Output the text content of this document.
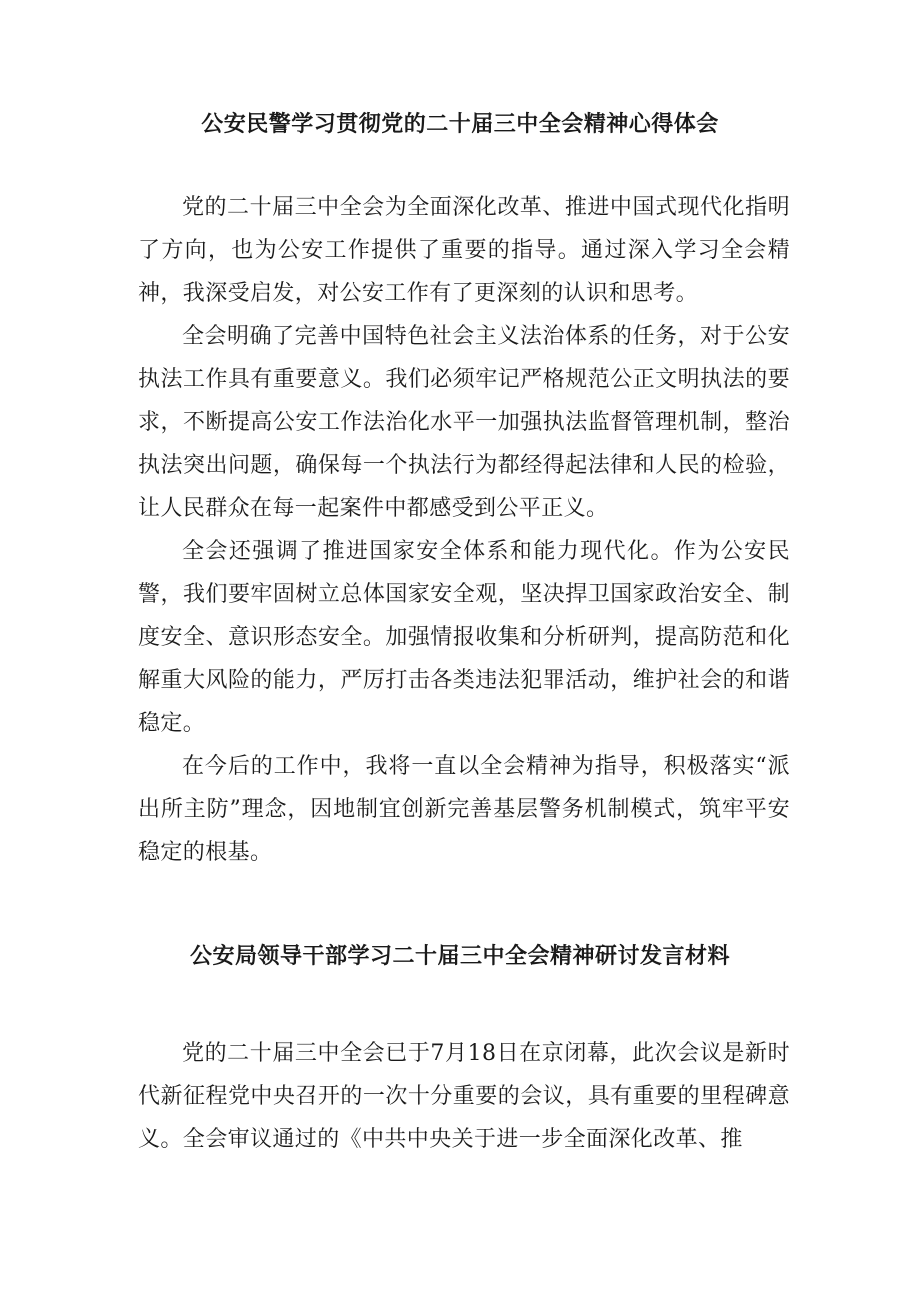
公安民警学习贯彻党的二十届三中全会精神心得体会

党的二十届三中全会为全面深化改革、推进中国式现代化指明了方向，也为公安工作提供了重要的指导。通过深入学习全会精神，我深受启发，对公安工作有了更深刻的认识和思考。

全会明确了完善中国特色社会主义法治体系的任务，对于公安执法工作具有重要意义。我们必须牢记严格规范公正文明执法的要求，不断提高公安工作法治化水平一加强执法监督管理机制，整治执法突出问题，确保每一个执法行为都经得起法律和人民的检验，让人民群众在每一起案件中都感受到公平正义。

全会还强调了推进国家安全体系和能力现代化。作为公安民警，我们要牢固树立总体国家安全观，坚决捍卫国家政治安全、制度安全、意识形态安全。加强情报收集和分析研判，提高防范和化解重大风险的能力，严厉打击各类违法犯罪活动，维护社会的和谐稳定。

在今后的工作中，我将一直以全会精神为指导，积极落实“派出所主防”理念，因地制宜创新完善基层警务机制模式，筑牢平安稳定的根基。

公安局领导干部学习二十届三中全会精神研讨发言材料

党的二十届三中全会已于7月18日在京闭幕，此次会议是新时代新征程党中央召开的一次十分重要的会议，具有重要的里程碑意义。全会审议通过的《中共中央关于进一步全面深化改革、推
